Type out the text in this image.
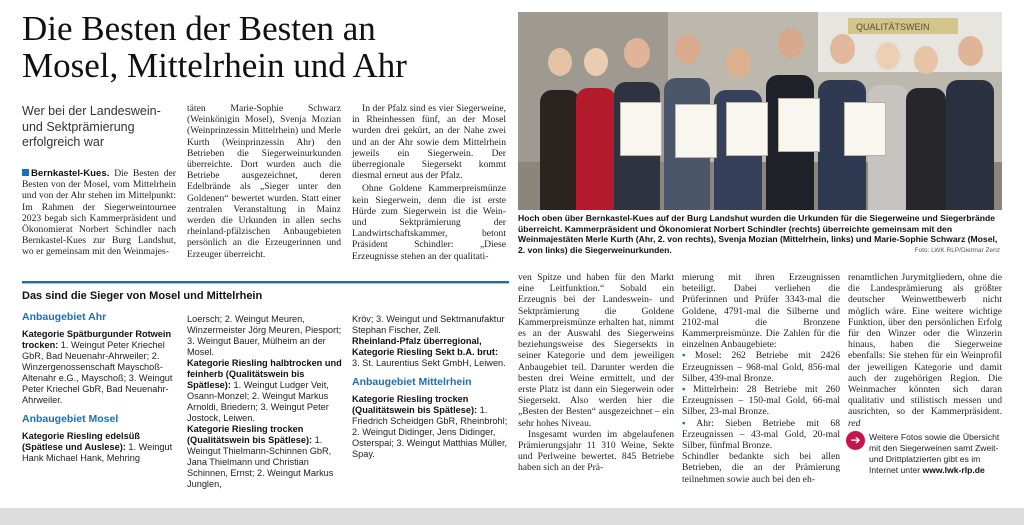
Die Besten der Besten an
Mosel, Mittelrhein und Ahr
Wer bei der Landeswein- und Sektprämierung erfolgreich war

Bernkastel-Kues. Die Besten der Besten von der Mosel, vom Mittelrhein und von der Ahr stehen im Mittelpunkt: Im Rahmen der Siegerweintournee 2023 begab sich Kammerpräsident und Ökonomierat Norbert Schindler nach Bernkastel-Kues zur Burg Landshut, wo er gemeinsam mit den Weinmajes-

täten Marie-Sophie Schwarz (Weinkönigin Mosel), Svenja Mozian (Weinprinzessin Mittelrhein) und Merle Kurth (Weinprinzessin Ahr) den Betrieben die Siegerweinurkunden überreichte. Dort wurden auch die Betriebe ausgezeichnet, deren Edelbrände als „Sieger unter den Goldenen“ bewertet wurden. Statt einer zentralen Veranstaltung in Mainz werden die Urkunden in allen sechs rheinland-pfälzischen Anbaugebieten persönlich an die Erzeugerinnen und Erzeuger überreicht.

In der Pfalz sind es vier Siegerweine, in Rheinhessen fünf, an der Mosel wurden drei gekürt, an der Nahe zwei und an der Ahr sowie dem Mittelrhein jeweils ein Siegerwein. Der überregionale Siegersekt kommt diesmal erneut aus der Pfalz.

Ohne Goldene Kammerpreismünze kein Siegerwein, denn die ist erste Hürde zum Siegerwein ist die Wein- und Sektprämierung der Landwirtschaftskammer, betont Präsident Schindler: „Diese Erzeugnisse stehen an der qualitati-

QUALITÄTSWEIN
Hoch oben über Bernkastel-Kues auf der Burg Landshut wurden die Urkunden für die Siegerweine und Siegerbrände überreicht. Kammerpräsident und Ökonomierat Norbert Schindler (rechts) überreichte gemeinsam mit den Weinmajestäten Merle Kurth (Ahr, 2. von rechts), Svenja Mozian (Mittelrhein, links) und Marie-Sophie Schwarz (Mosel, 2. von links) die Siegerweinurkunden.	Foto: LWK RLP/Dietmar Zenz
Das sind die Sieger von Mosel und Mittelrhein
Anbaugebiet Ahr
Kategorie Spätburgunder Rotwein trocken: 1. Weingut Peter Kriechel GbR, Bad Neuenahr-Ahrweiler; 2. Winzergenossenschaft Mayschoß-Altenahr e.G., Mayschoß; 3. Weingut Peter Kriechel GbR, Bad Neuenahr-Ahrweiler.
Anbaugebiet Mosel
Kategorie Riesling edelsüß (Spätlese und Auslese): 1. Weingut Hank Michael Hank, Mehring
Loersch; 2. Weingut Meuren, Winzermeister Jörg Meuren, Piesport; 3. Weingut Bauer, Mülheim an der Mosel.
Kategorie Riesling halbtrocken und feinherb (Qualitätswein bis Spätlese): 1. Weingut Ludger Veit, Osann-Monzel; 2. Weingut Markus Arnoldi, Briedern; 3. Weingut Peter Jostock, Leiwen.
Kategorie Riesling trocken (Qualitätswein bis Spätlese): 1. Weingut Thielmann-Schinnen GbR, Jana Thielmann und Christian Schinnen, Ernst; 2. Weingut Markus Junglen,
Kröv; 3. Weingut und Sektmanufaktur Stephan Fischer, Zell.
Rheinland-Pfalz überregional, Kategorie Riesling Sekt b.A. brut: 3. St. Laurentius Sekt GmbH, Leiwen.
Anbaugebiet Mittelrhein
Kategorie Riesling trocken (Qualitätswein bis Spätlese): 1. Friedrich Scheidgen GbR, Rheinbrohl; 2. Weingut Didinger, Jens Didinger, Osterspai; 3. Weingut Matthias Müller, Spay.

ven Spitze und haben für den Markt eine Leitfunktion.“ Sobald ein Erzeugnis bei der Landeswein- und Sektprämierung die Goldene Kammerpreismünze erhalten hat, nimmt es an der Auswahl des Siegerweins beziehungsweise des Siegersekts in seiner Kategorie und dem jeweiligen Anbaugebiet teil. Darunter werden die besten drei Weine ermittelt, und der erste Platz ist dann ein Siegerwein oder Siegersekt. Also werden hier die „Besten der Besten“ ausgezeichnet – ein sehr hohes Niveau.

Insgesamt wurden im abgelaufenen Prämierungsjahr 11 310 Weine, Sekte und Perlweine bewertet. 845 Betriebe haben sich an der Prä-

mierung mit ihren Erzeugnissen beteiligt. Dabei verliehen die Prüferinnen und Prüfer 3343-mal die Goldene, 4791-mal die Silberne und 2102-mal die Bronzene Kammerpreismünze. Die Zahlen für die einzelnen Anbaugebiete:

▪ Mosel: 262 Betriebe mit 2426 Erzeugnissen – 968-mal Gold, 856-mal Silber, 439-mal Bronze.

▪ Mittelrhein: 28 Betriebe mit 260 Erzeugnissen – 150-mal Gold, 66-mal Silber, 23-mal Bronze.

▪ Ahr: Sieben Betriebe mit 68 Erzeugnissen – 43-mal Gold, 20-mal Silber, fünfmal Bronze.

Schindler bedankte sich bei allen Betrieben, die an der Prämierung teilnehmen sowie auch bei den eh-

renamtlichen Jurymitgliedern, ohne die die Landesprämierung als größter deutscher Weinwettbewerb nicht möglich wäre. Eine weitere wichtige Funktion, über den persönlichen Erfolg für den Winzer oder die Winzerin hinaus, haben die Siegerweine ebenfalls: Sie stehen für ein Weinprofil der jeweiligen Kategorie und damit auch der zugehörigen Region. Die Weinmacher könnten sich daran qualitativ und stilistisch messen und ausrichten, so der Kammerpräsident. red

➔ Weitere Fotos sowie die Übersicht mit den Siegerweinen samt Zweit- und Drittplatzierten gibt es im Internet unter www.lwk-rlp.de
